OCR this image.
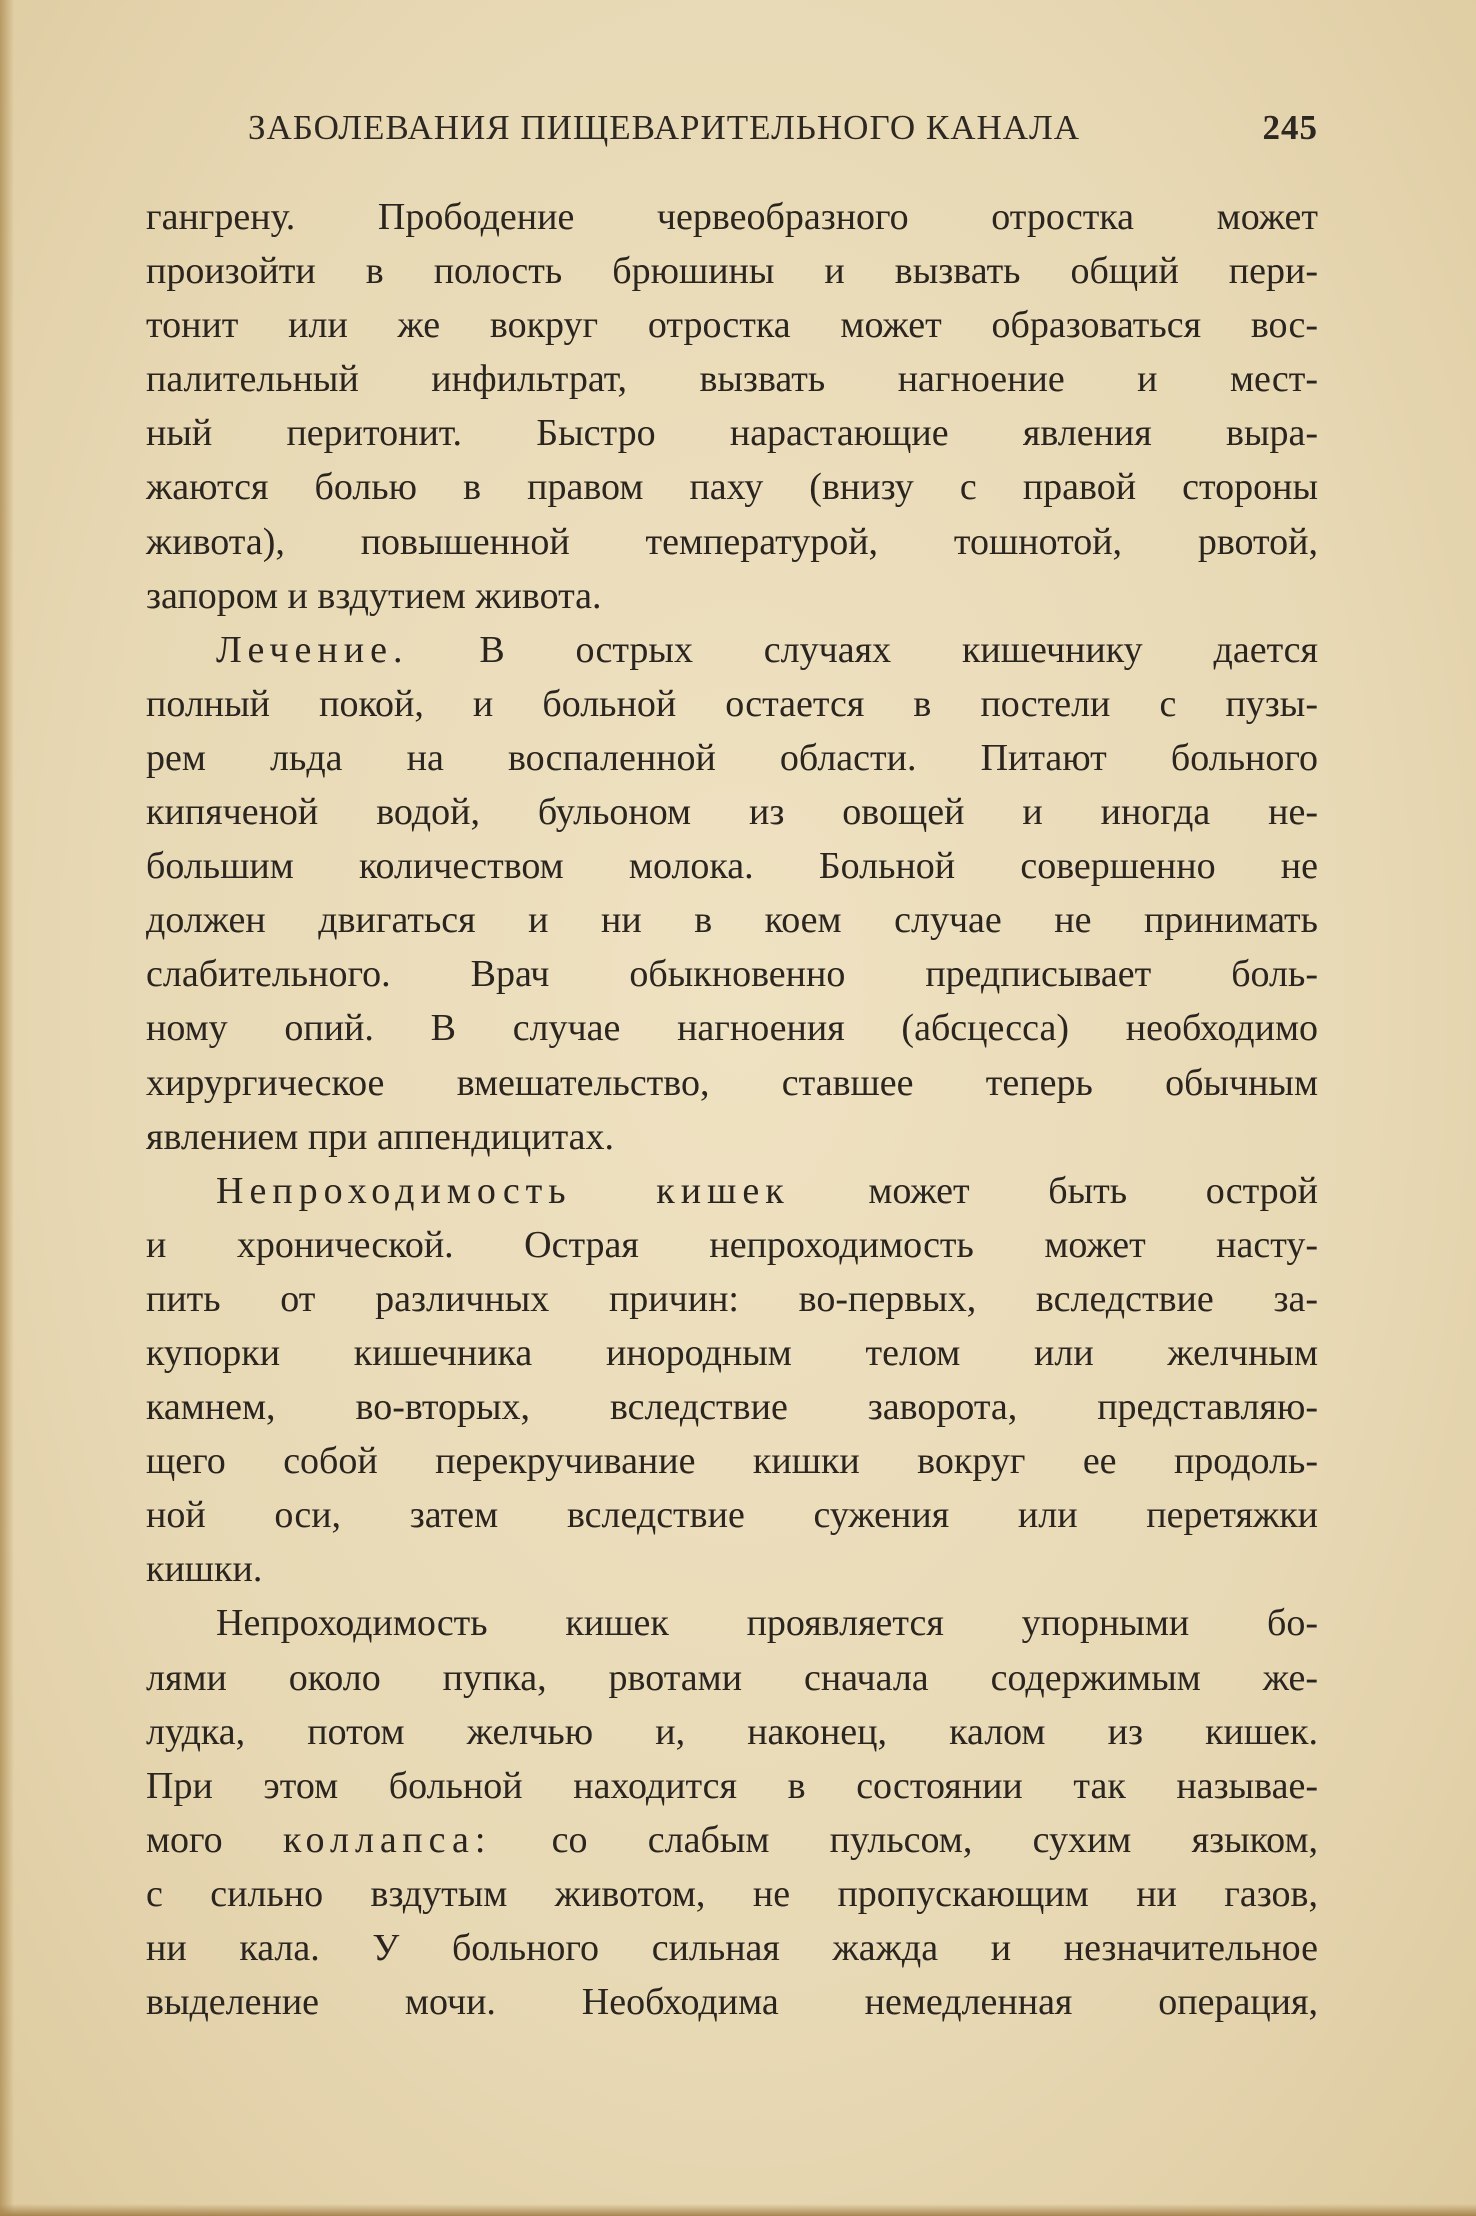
ЗАБОЛЕВАНИЯ ПИЩЕВАРИТЕЛЬНОГО КАНАЛА	245
гангрену. Прободение червеобразного отростка может
произойти в полость брюшины и вызвать общий пери-
тонит или же вокруг отростка может образоваться вос-
палительный инфильтрат, вызвать нагноение и мест-
ный перитонит. Быстро нарастающие явления выра-
жаются болью в правом паху (внизу с правой стороны
живота), повышенной температурой, тошнотой, рвотой,
запором и вздутием живота.
Лечение. В острых случаях кишечнику дается
полный покой, и больной остается в постели с пузы-
рем льда на воспаленной области. Питают больного
кипяченой водой, бульоном из овощей и иногда не-
большим количеством молока. Больной совершенно не
должен двигаться и ни в коем случае не принимать
слабительного. Врач обыкновенно предписывает боль-
ному опий. В случае нагноения (абсцесса) необходимо
хирургическое вмешательство, ставшее теперь обычным
явлением при аппендицитах.
Непроходимость кишек может быть острой
и хронической. Острая непроходимость может насту-
пить от различных причин: во-первых, вследствие за-
купорки кишечника инородным телом или желчным
камнем, во-вторых, вследствие заворота, представляю-
щего собой перекручивание кишки вокруг ее продоль-
ной оси, затем вследствие сужения или перетяжки
кишки.
Непроходимость кишек проявляется упорными бо-
лями около пупка, рвотами сначала содержимым же-
лудка, потом желчью и, наконец, калом из кишек.
При этом больной находится в состоянии так называе-
мого коллапса: со слабым пульсом, сухим языком,
с сильно вздутым животом, не пропускающим ни газов,
ни кала. У больного сильная жажда и незначительное
выделение мочи. Необходима немедленная операция,
